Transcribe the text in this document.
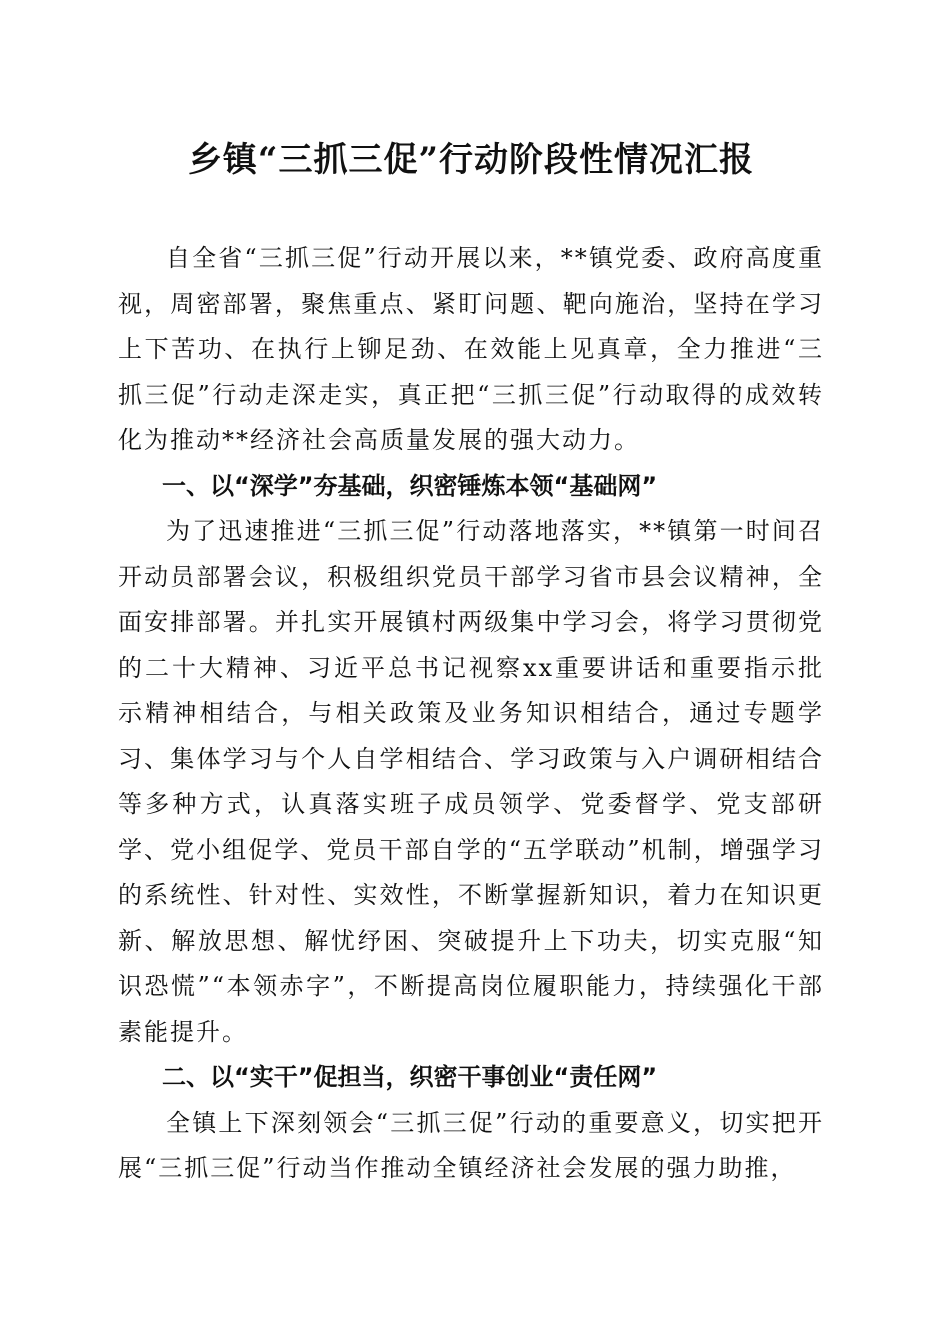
乡镇“三抓三促”行动阶段性情况汇报

自全省“三抓三促”行动开展以来，**镇党委、政府高度重视，周密部署，聚焦重点、紧盯问题、靶向施治，坚持在学习上下苦功、在执行上铆足劲、在效能上见真章，全力推进“三抓三促”行动走深走实，真正把“三抓三促”行动取得的成效转化为推动**经济社会高质量发展的强大动力。

一、以“深学”夯基础，织密锤炼本领“基础网”

为了迅速推进“三抓三促”行动落地落实，**镇第一时间召开动员部署会议，积极组织党员干部学习省市县会议精神，全面安排部署。并扎实开展镇村两级集中学习会，将学习贯彻党的二十大精神、习近平总书记视察xx重要讲话和重要指示批示精神相结合，与相关政策及业务知识相结合，通过专题学习、集体学习与个人自学相结合、学习政策与入户调研相结合等多种方式，认真落实班子成员领学、党委督学、党支部研学、党小组促学、党员干部自学的“五学联动”机制，增强学习的系统性、针对性、实效性，不断掌握新知识，着力在知识更新、解放思想、解忧纾困、突破提升上下功夫，切实克服“知识恐慌”“本领赤字”，不断提高岗位履职能力，持续强化干部素能提升。

二、以“实干”促担当，织密干事创业“责任网”

全镇上下深刻领会“三抓三促”行动的重要意义，切实把开展“三抓三促”行动当作推动全镇经济社会发展的强力助推，
